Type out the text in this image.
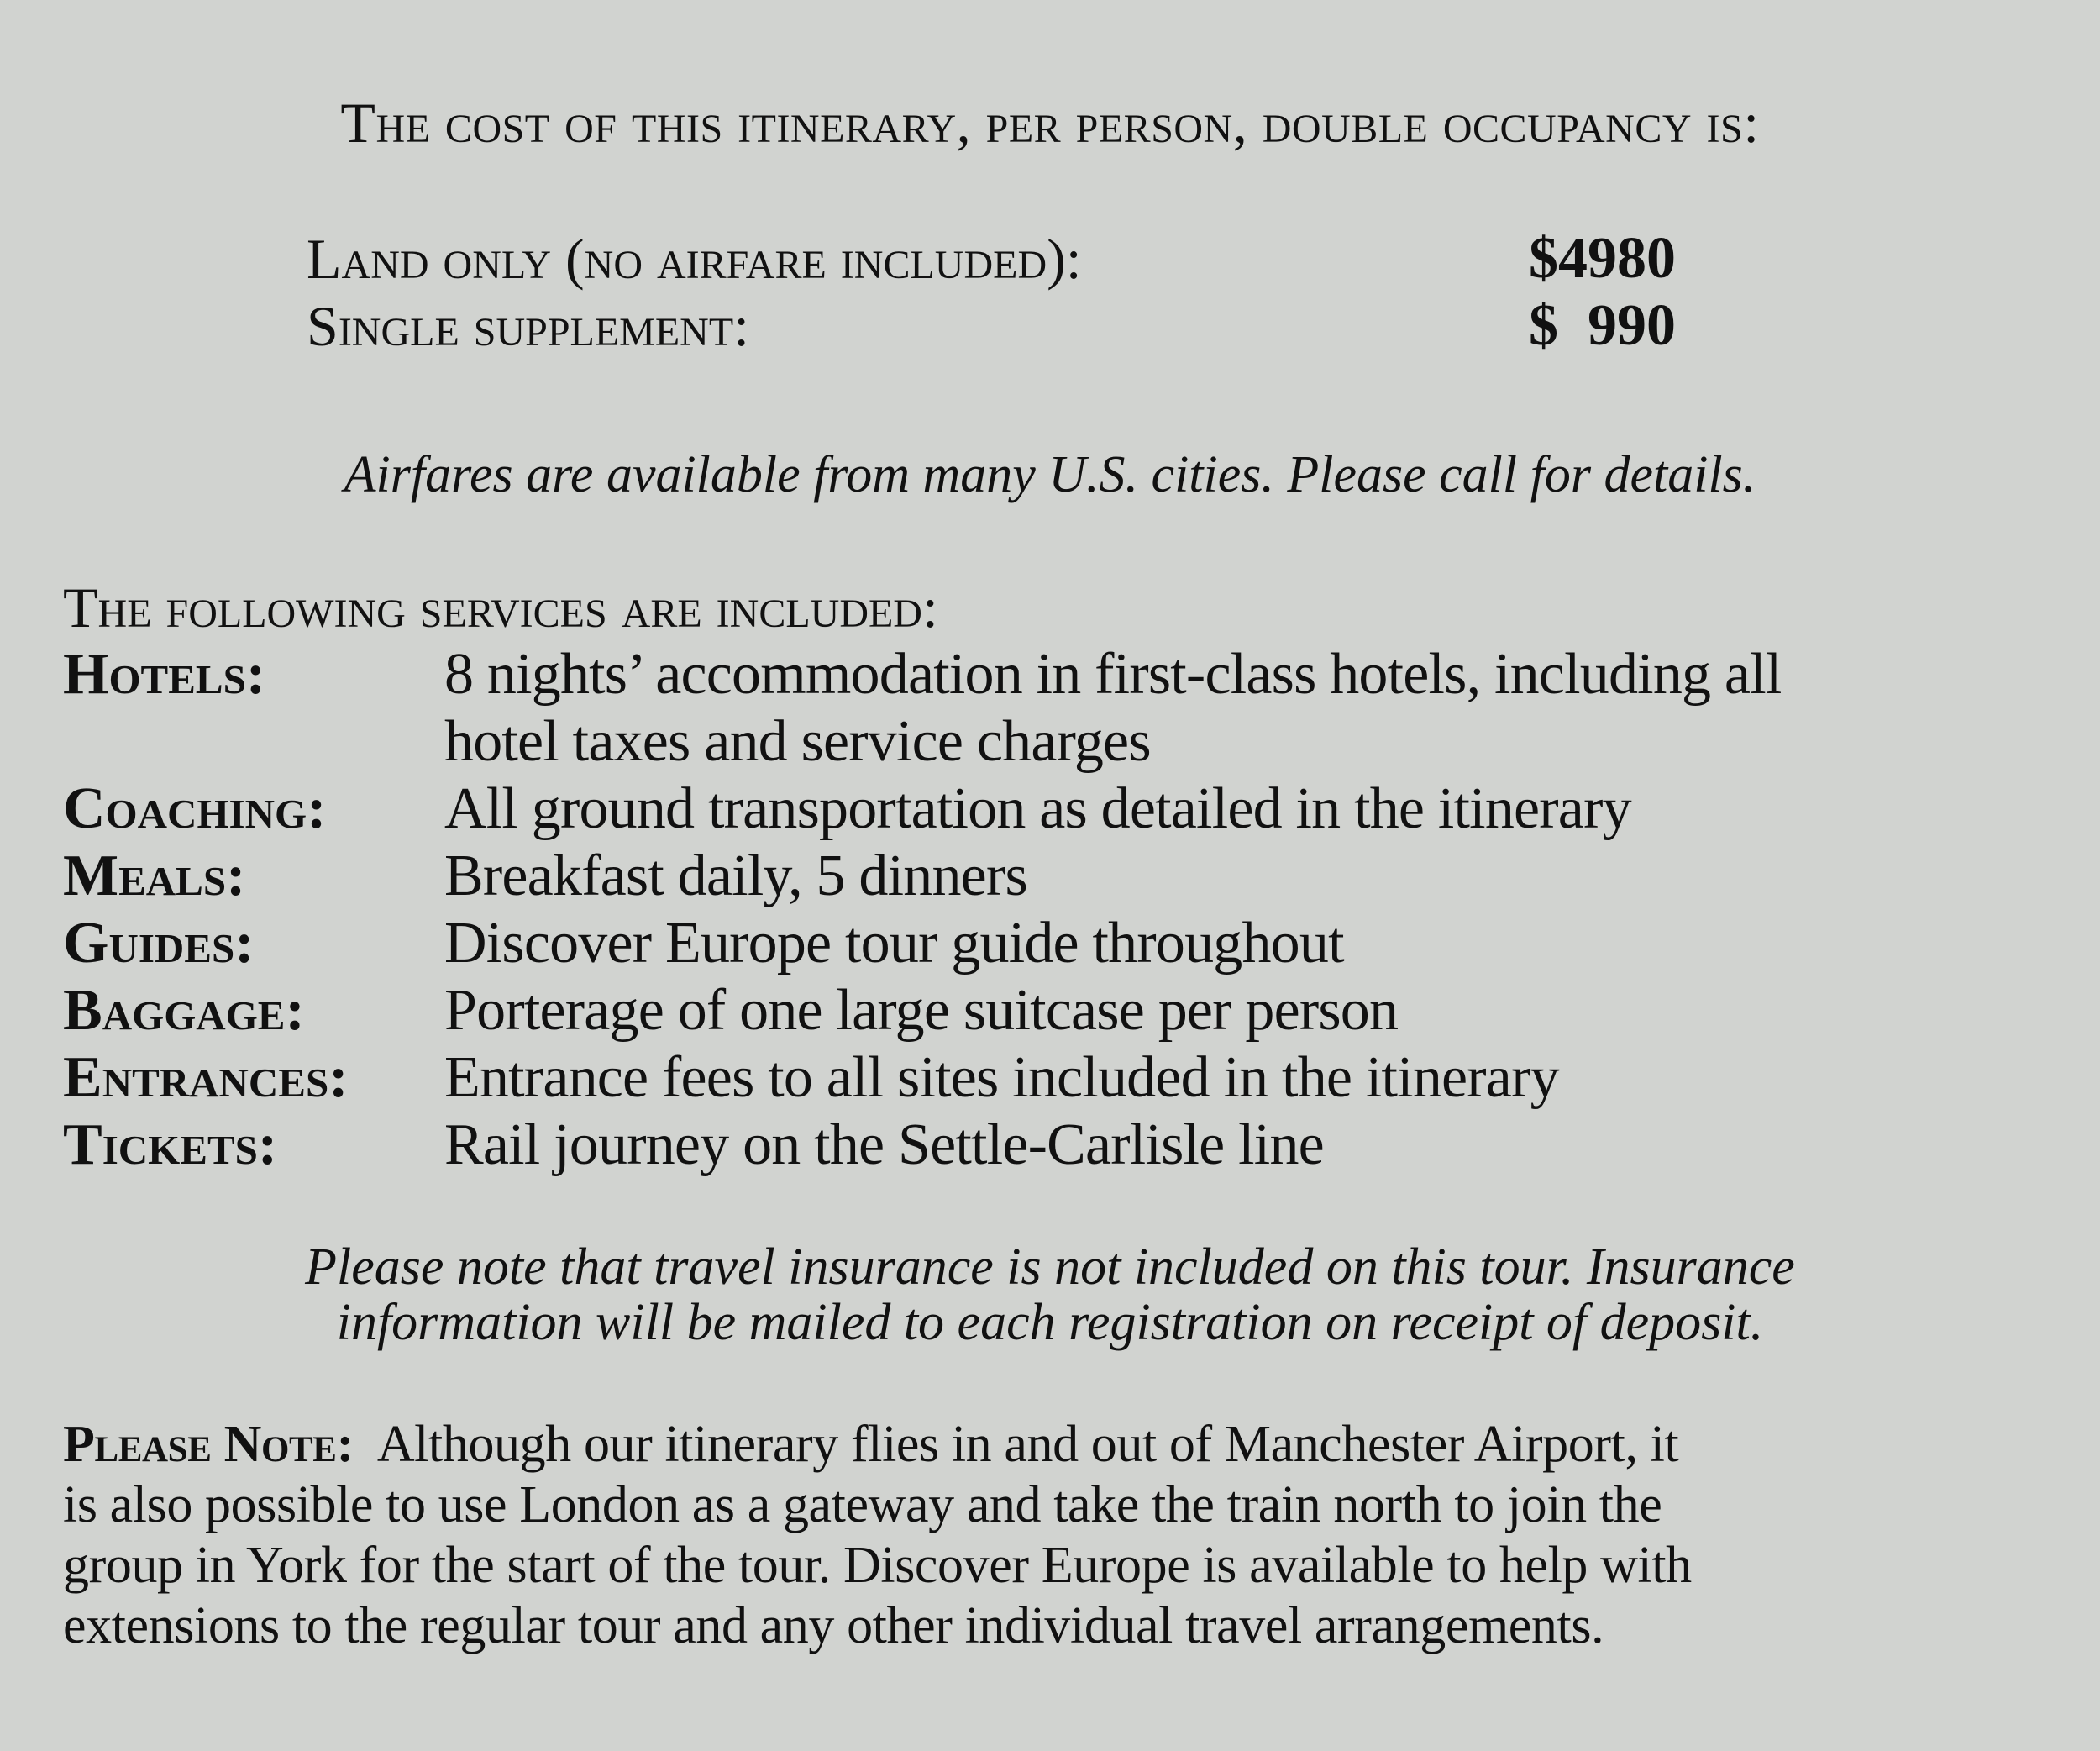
The cost of this itinerary, per person, double occupancy is:
Land only (no airfare included):	$4980
Single supplement:	$  990
Airfares are available from many U.S. cities. Please call for details.
The following services are included:
Hotels:	8 nights’ accommodation in first-class hotels, including all
hotel taxes and service charges
Coaching:	All ground transportation as detailed in the itinerary
Meals:	Breakfast daily, 5 dinners
Guides:	Discover Europe tour guide throughout
Baggage:	Porterage of one large suitcase per person
Entrances:	Entrance fees to all sites included in the itinerary
Tickets:	Rail journey on the Settle-Carlisle line
Please note that travel insurance is not included on this tour. Insurance
information will be mailed to each registration on receipt of deposit.
Please Note: Although our itinerary flies in and out of Manchester Airport, it
is also possible to use London as a gateway and take the train north to join the
group in York for the start of the tour. Discover Europe is available to help with
extensions to the regular tour and any other individual travel arrangements.
